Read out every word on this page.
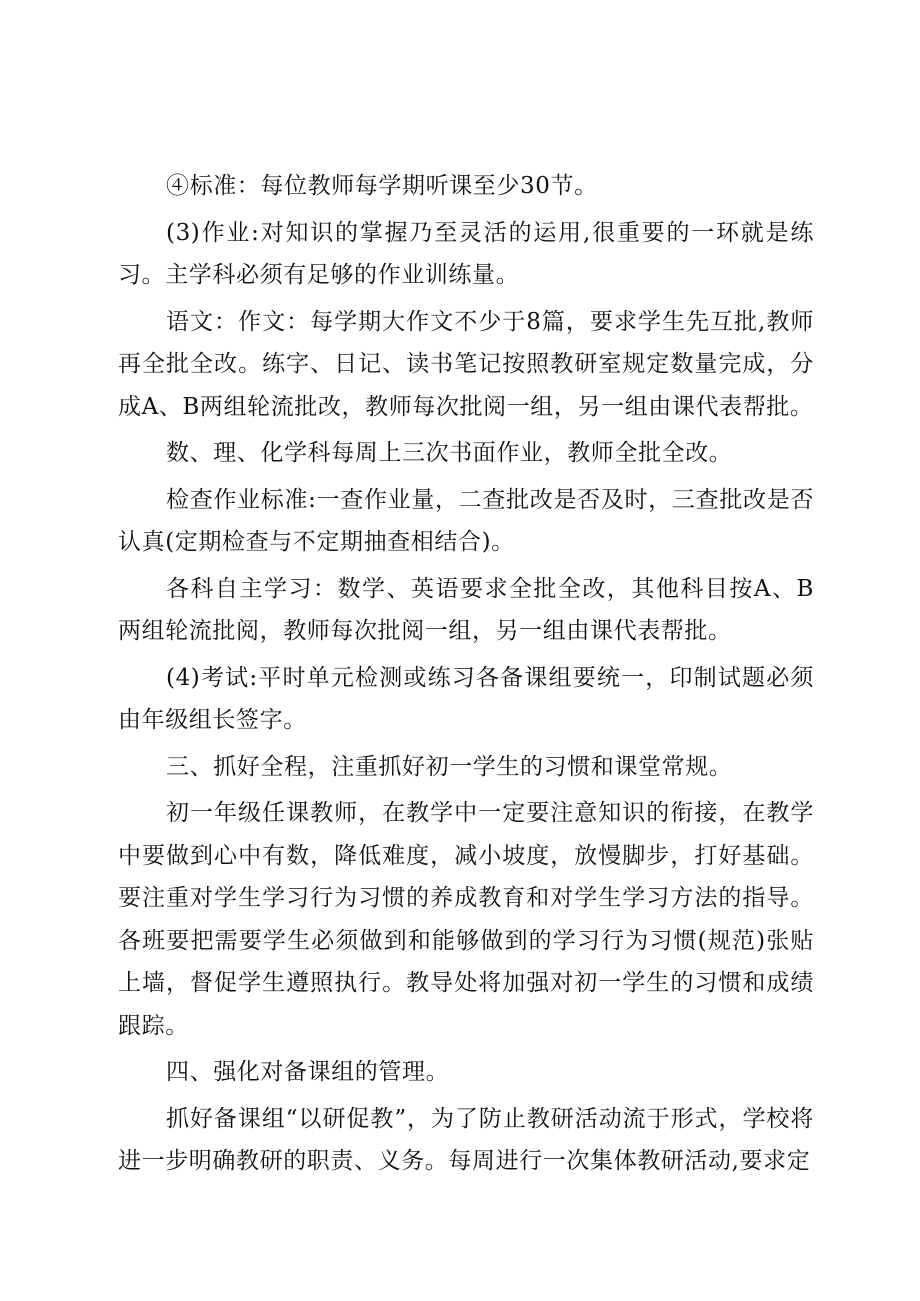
④标准：每位教师每学期听课至少30节。

(3)作业:对知识的掌握乃至灵活的运用,很重要的一环就是练习。主学科必须有足够的作业训练量。

语文：作文：每学期大作文不少于8篇，要求学生先互批,教师再全批全改。练字、日记、读书笔记按照教研室规定数量完成，分成A、B两组轮流批改，教师每次批阅一组，另一组由课代表帮批。

数、理、化学科每周上三次书面作业，教师全批全改。

检查作业标准:一查作业量，二查批改是否及时，三查批改是否认真(定期检查与不定期抽查相结合)。

各科自主学习：数学、英语要求全批全改，其他科目按A、B两组轮流批阅，教师每次批阅一组，另一组由课代表帮批。

(4)考试:平时单元检测或练习各备课组要统一，印制试题必须由年级组长签字。

三、抓好全程，注重抓好初一学生的习惯和课堂常规。

初一年级任课教师，在教学中一定要注意知识的衔接，在教学中要做到心中有数，降低难度，减小坡度，放慢脚步，打好基础。要注重对学生学习行为习惯的养成教育和对学生学习方法的指导。各班要把需要学生必须做到和能够做到的学习行为习惯(规范)张贴上墙，督促学生遵照执行。教导处将加强对初一学生的习惯和成绩跟踪。

四、强化对备课组的管理。

抓好备课组“以研促教”，为了防止教研活动流于形式，学校将进一步明确教研的职责、义务。每周进行一次集体教研活动,要求定
